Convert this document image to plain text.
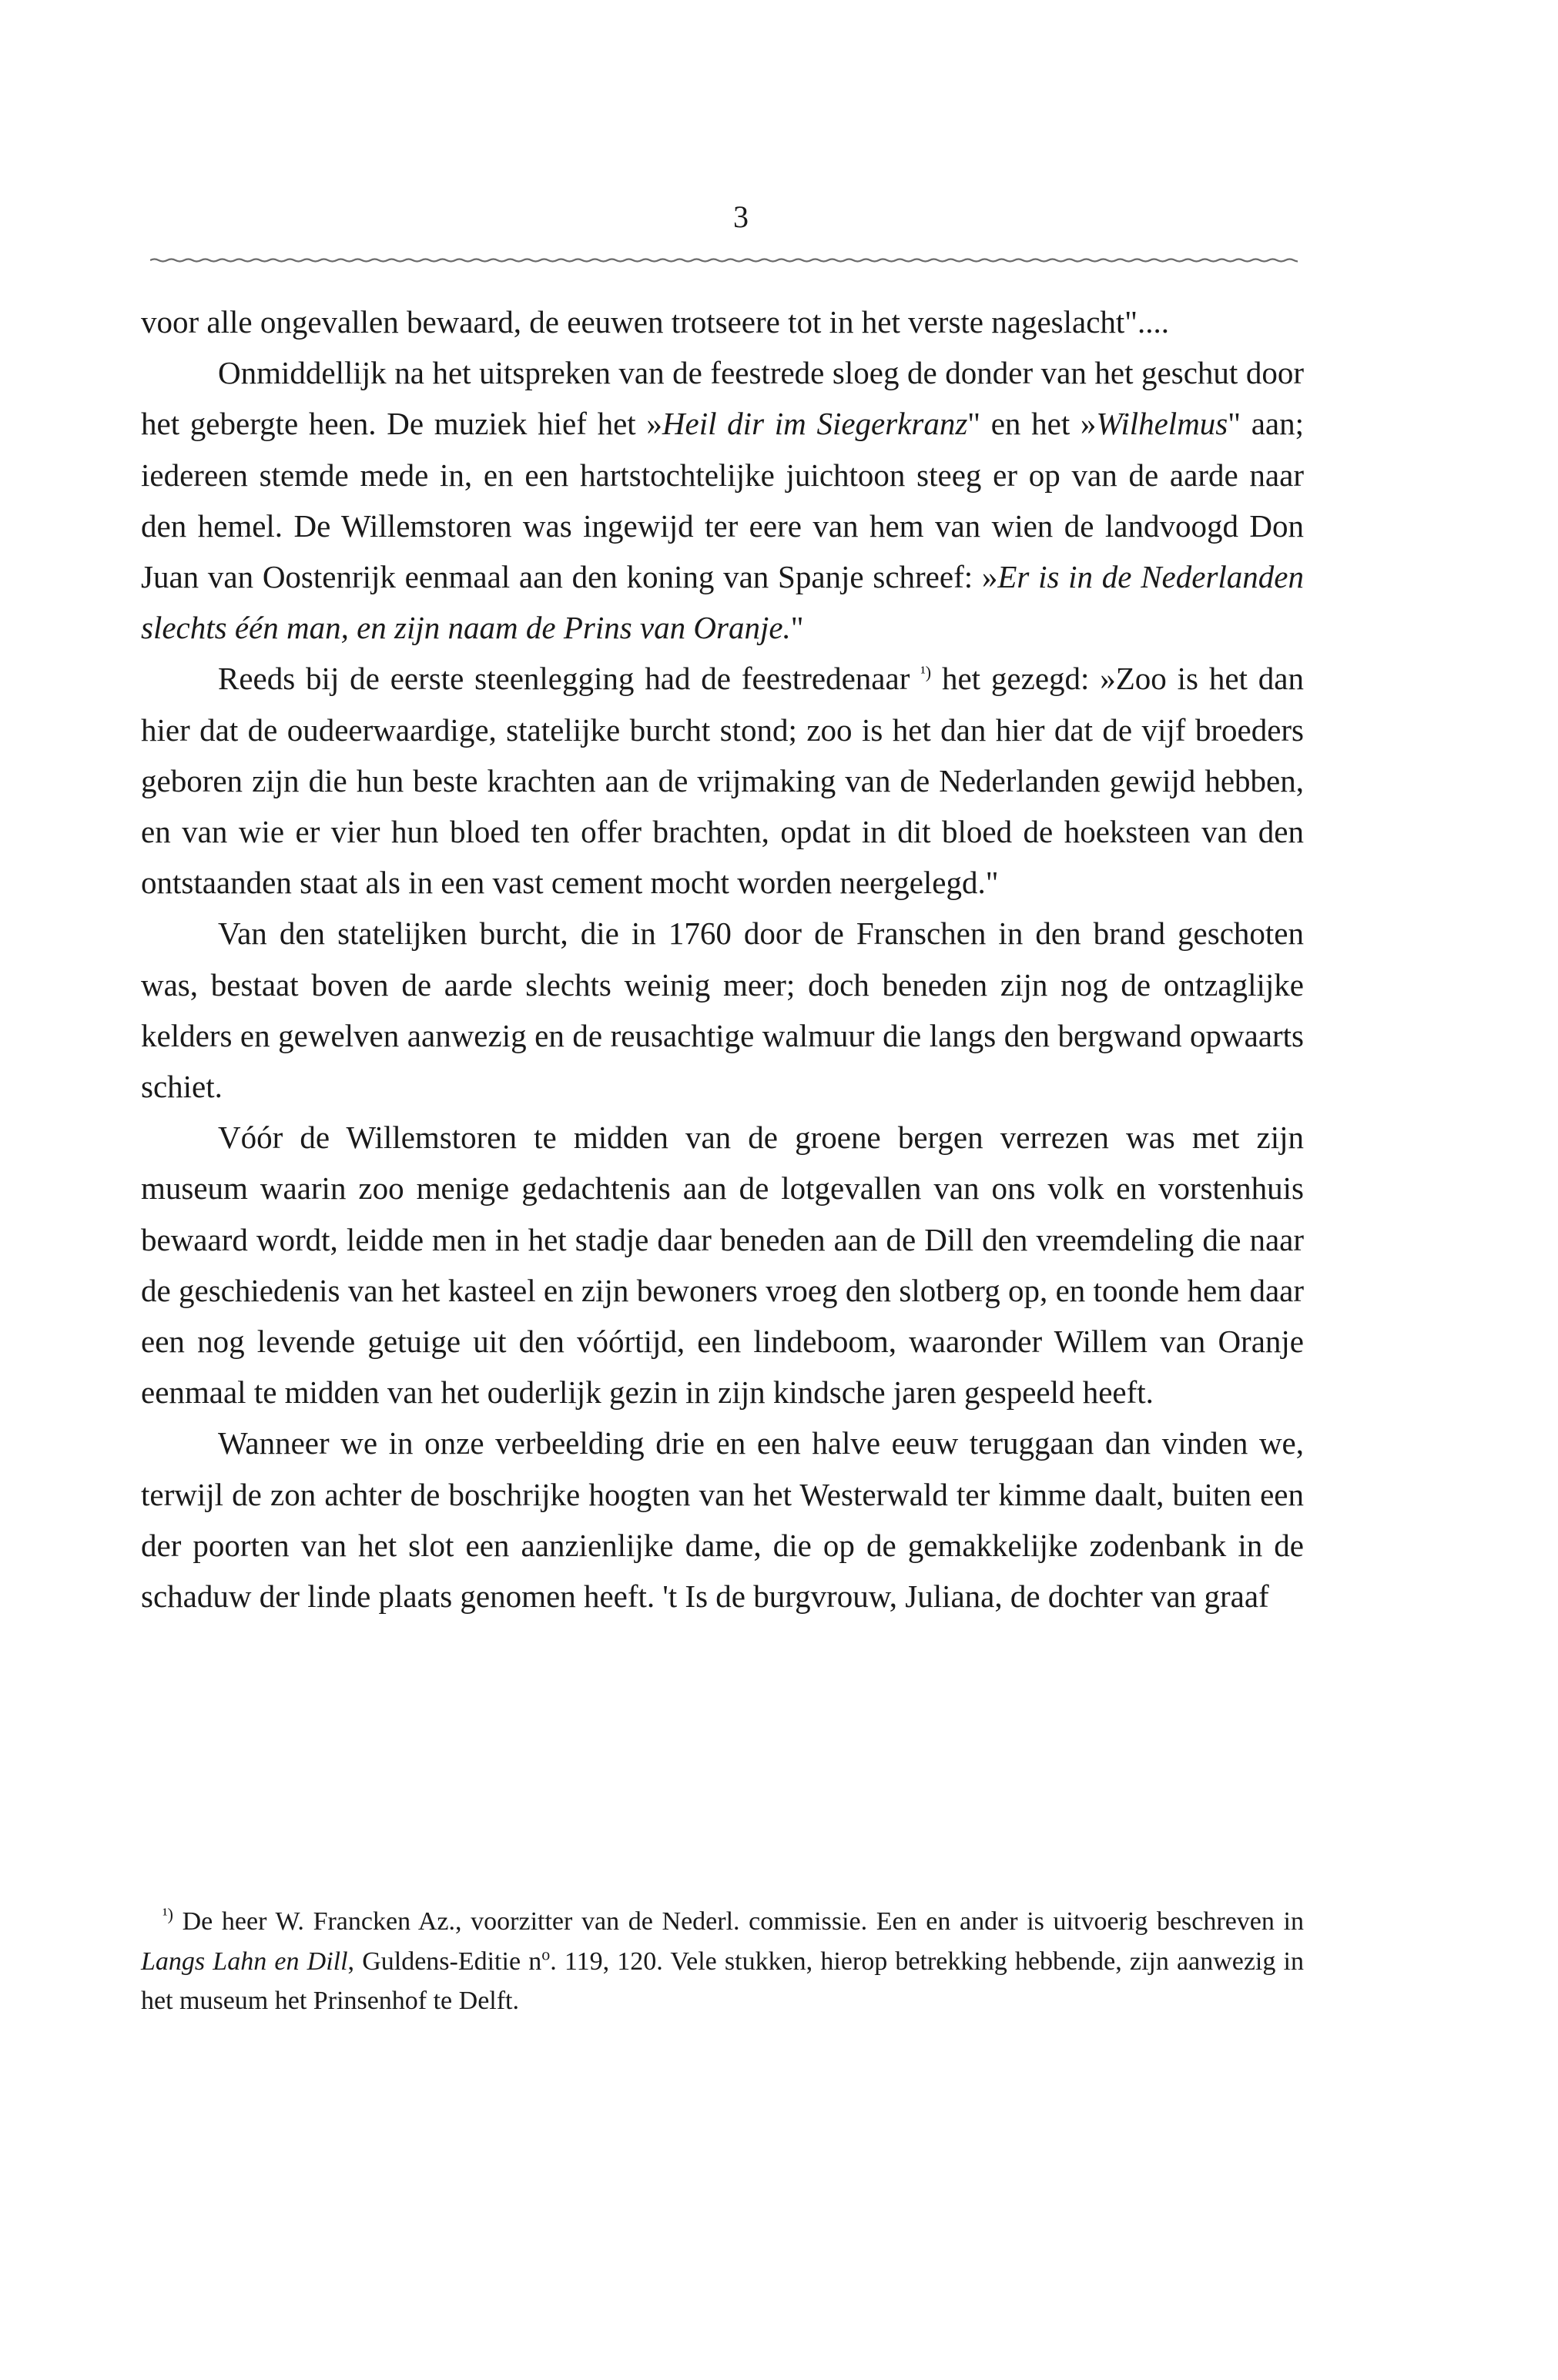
3

voor alle ongevallen bewaard, de eeuwen trotseere tot in het verste nageslacht"....

Onmiddellijk na het uitspreken van de feestrede sloeg de donder van het geschut door het gebergte heen. De muziek hief het »Heil dir im Siegerkranz" en het »Wilhelmus" aan; iedereen stemde mede in, en een hartstochtelijke juichtoon steeg er op van de aarde naar den hemel. De Willemstoren was ingewijd ter eere van hem van wien de landvoogd Don Juan van Oostenrijk eenmaal aan den koning van Spanje schreef: »Er is in de Nederlanden slechts één man, en zijn naam de Prins van Oranje."

Reeds bij de eerste steenlegging had de feestredenaar $^{^1)}$ het gezegd: »Zoo is het dan hier dat de oudeerwaardige, statelijke burcht stond; zoo is het dan hier dat de vijf broeders geboren zijn die hun beste krachten aan de vrijmaking van de Nederlanden gewijd hebben, en van wie er vier hun bloed ten offer brachten, opdat in dit bloed de hoeksteen van den ontstaanden staat als in een vast cement mocht worden neergelegd."

Van den statelijken burcht, die in 1760 door de Franschen in den brand geschoten was, bestaat boven de aarde slechts weinig meer; doch beneden zijn nog de ontzaglijke kelders en gewelven aanwezig en de reusachtige walmuur die langs den bergwand opwaarts schiet.

Vóór de Willemstoren te midden van de groene bergen verrezen was met zijn museum waarin zoo menige gedachtenis aan de lotgevallen van ons volk en vorstenhuis bewaard wordt, leidde men in het stadje daar beneden aan de Dill den vreemdeling die naar de geschiedenis van het kasteel en zijn bewoners vroeg den slotberg op, en toonde hem daar een nog levende getuige uit den vóórtijd, een lindeboom, waaronder Willem van Oranje eenmaal te midden van het ouderlijk gezin in zijn kindsche jaren gespeeld heeft.

Wanneer we in onze verbeelding drie en een halve eeuw teruggaan dan vinden we, terwijl de zon achter de boschrijke hoogten van het Westerwald ter kimme daalt, buiten een der poorten van het slot een aanzienlijke dame, die op de gemakkelijke zodenbank in de schaduw der linde plaats genomen heeft. 't Is de burgvrouw, Juliana, de dochter van graaf

$^{^1)}$ De heer W. Francken Az., voorzitter van de Nederl. commissie. Een en ander is uitvoerig beschreven in Langs Lahn en Dill, Guldens-Editie $n^o$. 119, 120. Vele stukken, hierop betrekking hebbende, zijn aanwezig in het museum het Prinsenhof te Delft.
